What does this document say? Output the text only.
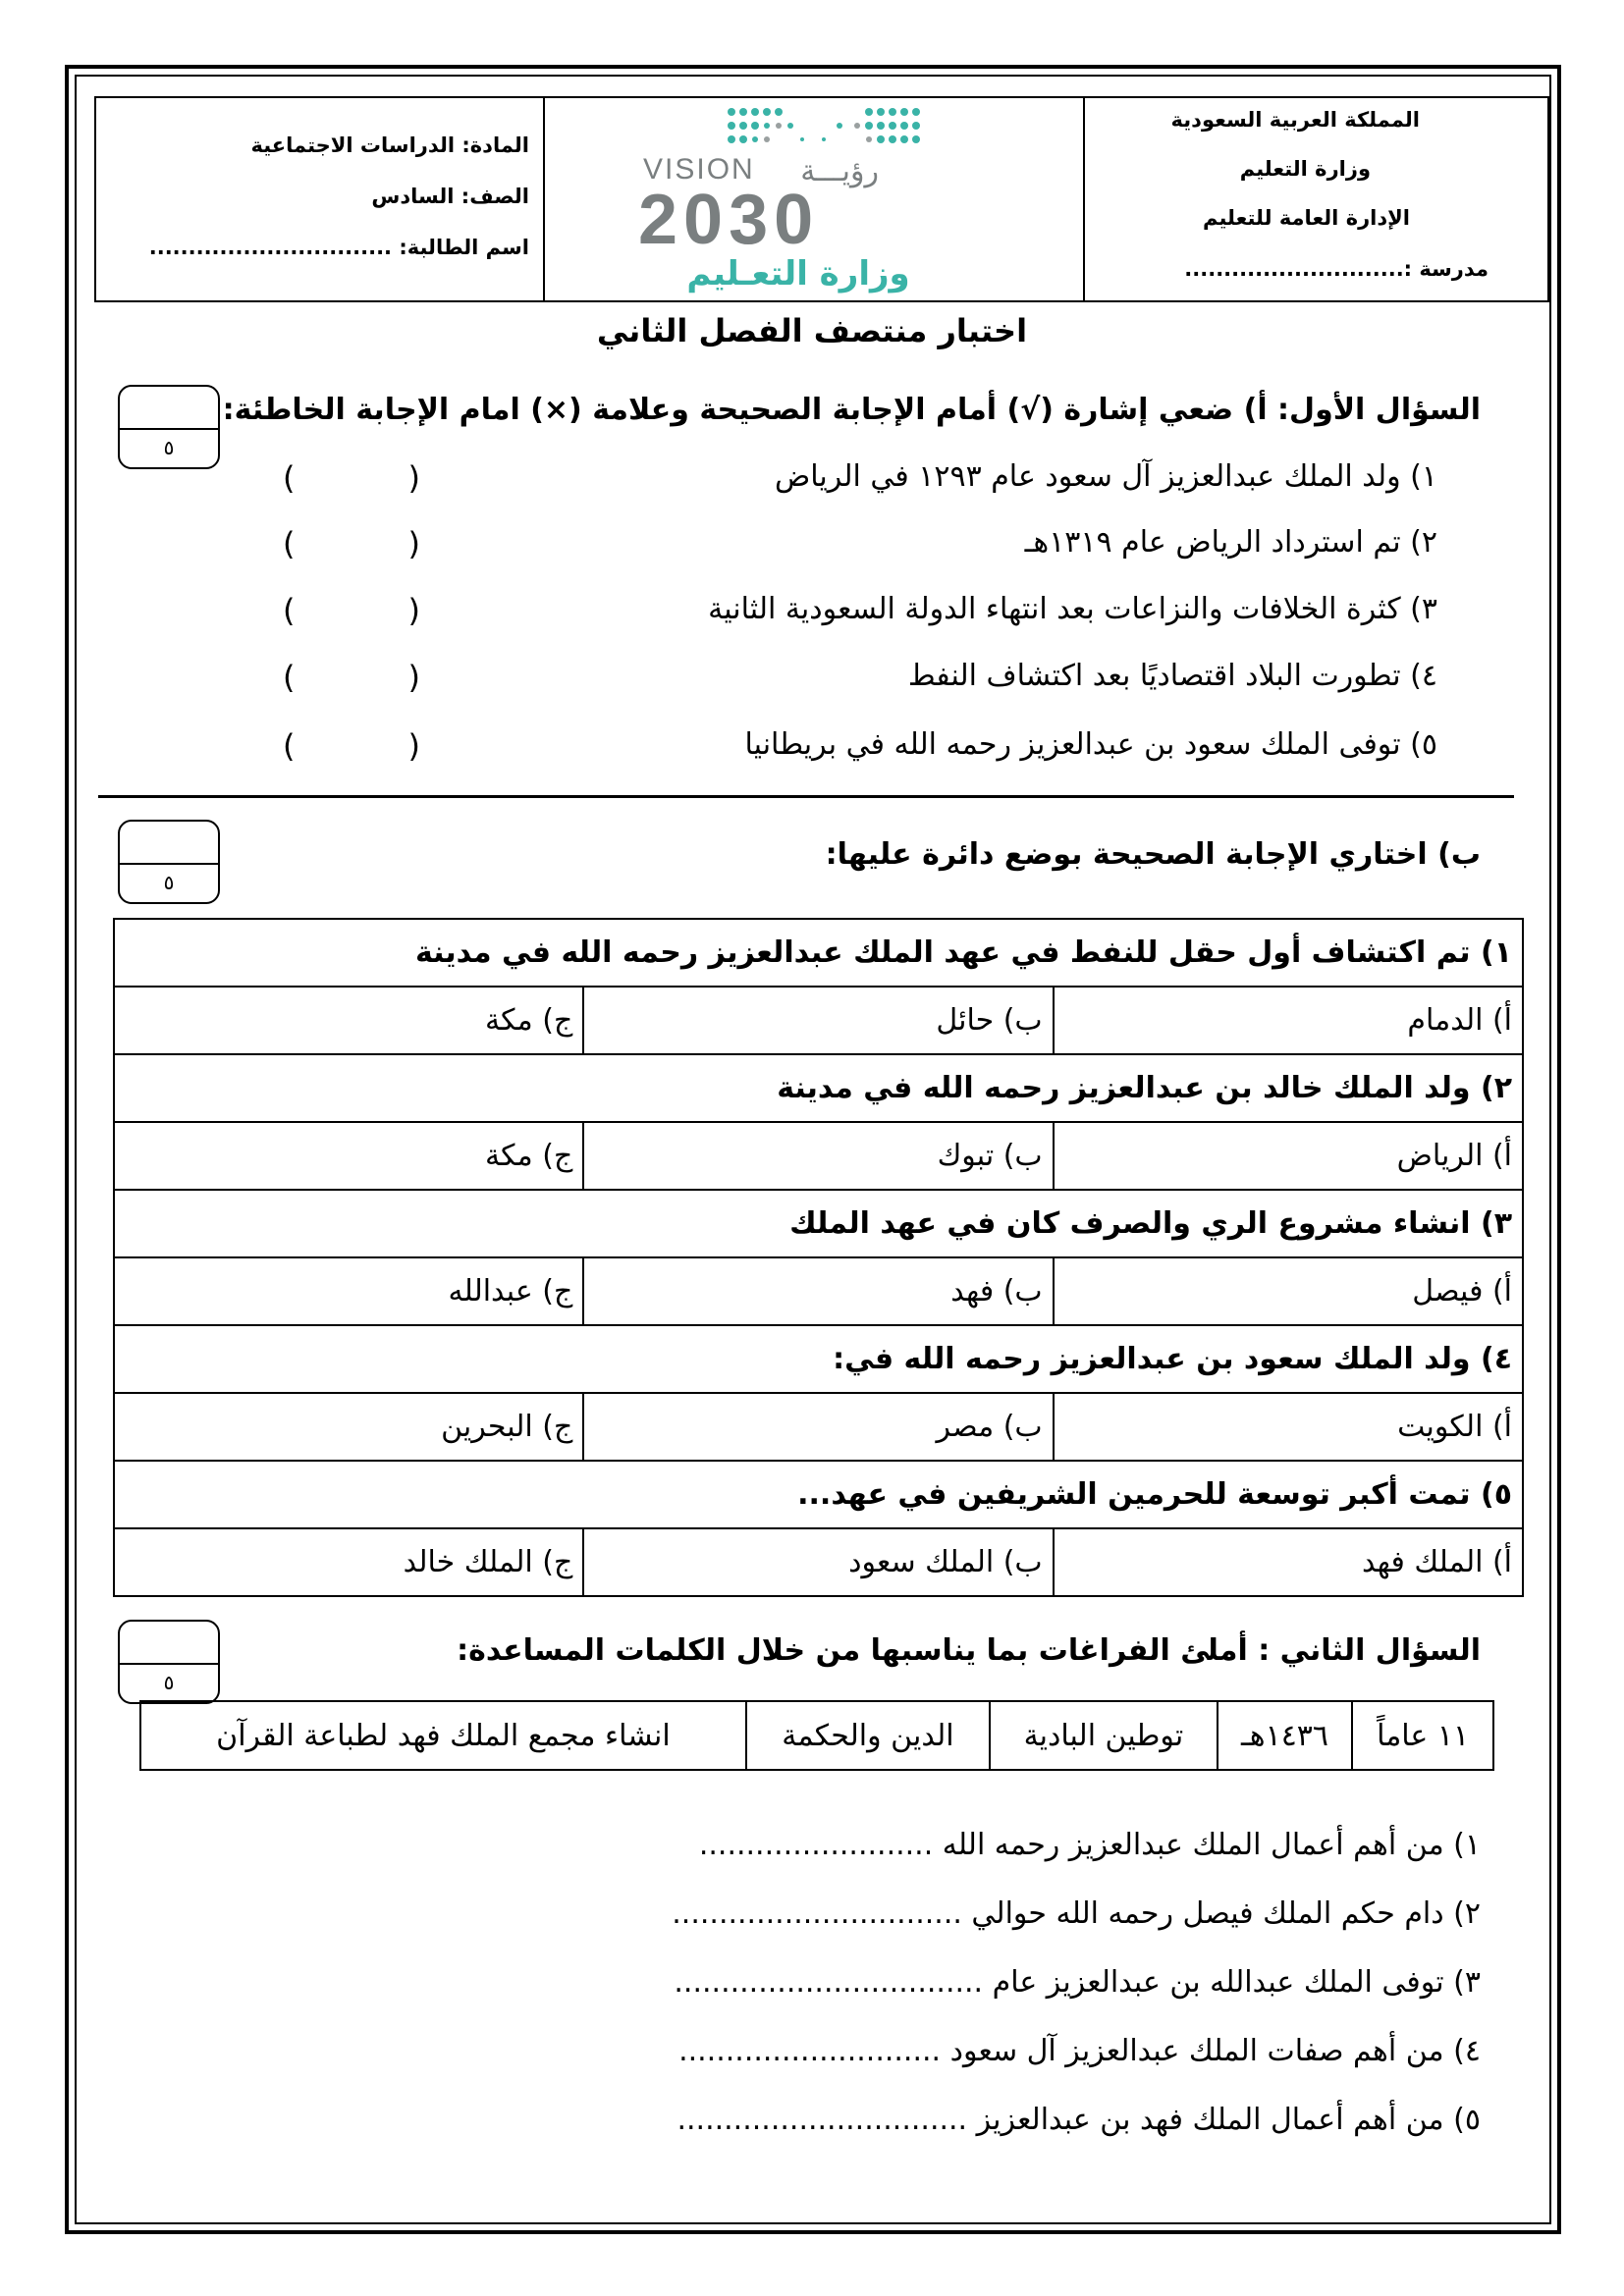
المملكة العربية السعودية
وزارة التعليم
الإدارة العامة للتعليم
مدرسة :............................
VISION رؤيـــة
2030
وزارة التعـليم
المادة: الدراسات الاجتماعية
الصف: السادس
اسم الطالبة: ...............................
اختبار منتصف الفصل الثاني
٥
السؤال الأول: أ) ضعي إشارة (√) أمام الإجابة الصحيحة وعلامة (×) امام الإجابة الخاطئة:
١) ولد الملك عبدالعزيز آل سعود عام ١٢٩٣ في الرياض
(
)
٢) تم استرداد الرياض عام ١٣١٩هـ
(
)
٣) كثرة الخلافات والنزاعات بعد انتهاء الدولة السعودية الثانية
(
)
٤) تطورت البلاد اقتصاديًا بعد اكتشاف النفط
(
)
٥) توفى الملك سعود بن عبدالعزيز رحمه الله في بريطانيا
(
)
٥
ب) اختاري الإجابة الصحيحة بوضع دائرة عليها:
١) تم اكتشاف أول حقل للنفط في عهد الملك عبدالعزيز رحمه الله في مدينة		
أ) الدمام	ب) حائل	ج) مكة
٢) ولد الملك خالد بن عبدالعزيز رحمه الله في مدينة		
أ) الرياض	ب) تبوك	ج) مكة
٣) انشاء مشروع الري والصرف كان في عهد الملك		
أ) فيصل	ب) فهد	ج) عبدالله
٤) ولد الملك سعود بن عبدالعزيز رحمه الله في:		
أ) الكويت	ب) مصر	ج) البحرين
٥) تمت أكبر توسعة للحرمين الشريفين في عهد...		
أ) الملك فهد	ب) الملك سعود	ج) الملك خالد
٥
السؤال الثاني : أملئ الفراغات بما يناسبها من خلال الكلمات المساعدة:
١١ عاماً	١٤٣٦هـ	توطين البادية	الدين والحكمة	انشاء مجمع الملك فهد لطباعة القرآن
١) من أهم أعمال الملك عبدالعزيز رحمه الله .........................
٢) دام حكم الملك فيصل رحمه الله حوالي ...............................
٣) توفى الملك عبدالله بن عبدالعزيز عام .................................
٤) من أهم صفات الملك عبدالعزيز آل سعود ............................
٥) من أهم أعمال الملك فهد بن عبدالعزيز ...............................
